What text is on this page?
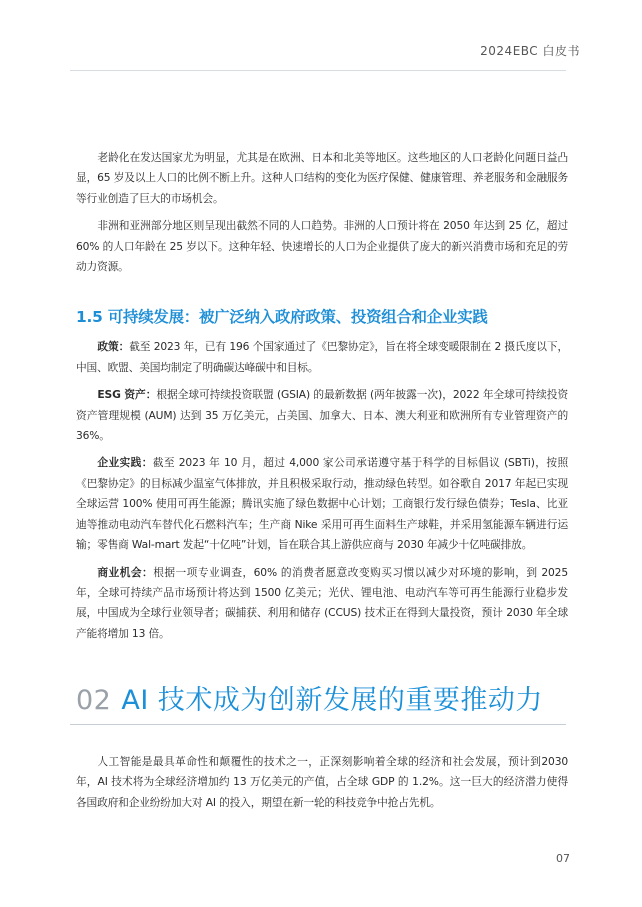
2024EBC 白皮书

老龄化在发达国家尤为明显，尤其是在欧洲、日本和北美等地区。这些地区的人口老龄化问题日益凸显，65 岁及以上人口的比例不断上升。这种人口结构的变化为医疗保健、健康管理、养老服务和金融服务等行业创造了巨大的市场机会。

非洲和亚洲部分地区则呈现出截然不同的人口趋势。非洲的人口预计将在 2050 年达到 25 亿，超过 60% 的人口年龄在 25 岁以下。这种年轻、快速增长的人口为企业提供了庞大的新兴消费市场和充足的劳动力资源。

1.5 可持续发展：被广泛纳入政府政策、投资组合和企业实践

政策：截至 2023 年，已有 196 个国家通过了《巴黎协定》，旨在将全球变暖限制在 2 摄氏度以下，中国、欧盟、美国均制定了明确碳达峰碳中和目标。

ESG 资产：根据全球可持续投资联盟 (GSIA) 的最新数据 (两年披露一次)，2022 年全球可持续投资资产管理规模 (AUM) 达到 35 万亿美元，占美国、加拿大、日本、澳大利亚和欧洲所有专业管理资产的 36%。

企业实践：截至 2023 年 10 月，超过 4,000 家公司承诺遵守基于科学的目标倡议 (SBTi)，按照《巴黎协定》的目标减少温室气体排放，并且积极采取行动，推动绿色转型。如谷歌自 2017 年起已实现全球运营 100% 使用可再生能源；腾讯实施了绿色数据中心计划；工商银行发行绿色债券；Tesla、比亚迪等推动电动汽车替代化石燃料汽车；生产商 Nike 采用可再生面料生产球鞋，并采用氢能源车辆进行运输；零售商 Wal-mart 发起“十亿吨”计划，旨在联合其上游供应商与 2030 年减少十亿吨碳排放。

商业机会：根据一项专业调查，60% 的消费者愿意改变购买习惯以减少对环境的影响，到 2025 年，全球可持续产品市场预计将达到 1500 亿美元；光伏、锂电池、电动汽车等可再生能源行业稳步发展，中国成为全球行业领导者；碳捕获、利用和储存 (CCUS) 技术正在得到大量投资，预计 2030 年全球产能将增加 13 倍。

02 AI 技术成为创新发展的重要推动力

人工智能是最具革命性和颠覆性的技术之一，正深刻影响着全球的经济和社会发展，预计到2030 年，AI 技术将为全球经济增加约 13 万亿美元的产值，占全球 GDP 的 1.2%。这一巨大的经济潜力使得各国政府和企业纷纷加大对 AI 的投入，期望在新一轮的科技竞争中抢占先机。

07
